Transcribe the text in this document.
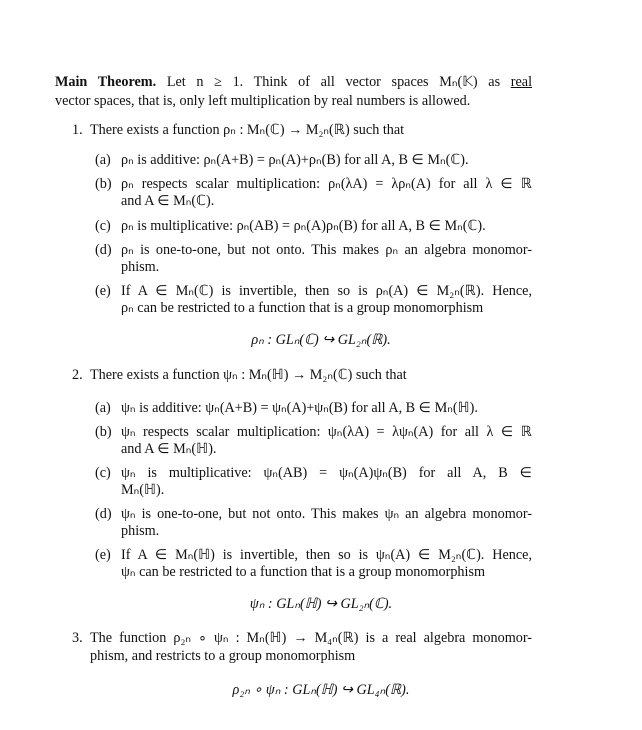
Main Theorem. Let n ≥ 1. Think of all vector spaces Mₙ(𝕂) as real
vector spaces, that is, only left multiplication by real numbers is allowed.
1. There exists a function ρₙ : Mₙ(ℂ) → M₂ₙ(ℝ) such that
(a) ρₙ is additive: ρₙ(A+B) = ρₙ(A)+ρₙ(B) for all A, B ∈ Mₙ(ℂ).
(b) ρₙ respects scalar multiplication: ρₙ(λA) = λρₙ(A) for all λ ∈ ℝ
and A ∈ Mₙ(ℂ).
(c) ρₙ is multiplicative: ρₙ(AB) = ρₙ(A)ρₙ(B) for all A, B ∈ Mₙ(ℂ).
(d) ρₙ is one-to-one, but not onto. This makes ρₙ an algebra monomor-
phism.
(e) If A ∈ Mₙ(ℂ) is invertible, then so is ρₙ(A) ∈ M₂ₙ(ℝ). Hence,
ρₙ can be restricted to a function that is a group monomorphism
ρₙ : GLₙ(ℂ) ↪ GL₂ₙ(ℝ).
2. There exists a function ψₙ : Mₙ(ℍ) → M₂ₙ(ℂ) such that
(a) ψₙ is additive: ψₙ(A+B) = ψₙ(A)+ψₙ(B) for all A, B ∈ Mₙ(ℍ).
(b) ψₙ respects scalar multiplication: ψₙ(λA) = λψₙ(A) for all λ ∈ ℝ
and A ∈ Mₙ(ℍ).
(c) ψₙ is multiplicative: ψₙ(AB) = ψₙ(A)ψₙ(B) for all A, B ∈
Mₙ(ℍ).
(d) ψₙ is one-to-one, but not onto. This makes ψₙ an algebra monomor-
phism.
(e) If A ∈ Mₙ(ℍ) is invertible, then so is ψₙ(A) ∈ M₂ₙ(ℂ). Hence,
ψₙ can be restricted to a function that is a group monomorphism
ψₙ : GLₙ(ℍ) ↪ GL₂ₙ(ℂ).
3. The function ρ₂ₙ ∘ ψₙ : Mₙ(ℍ) → M₄ₙ(ℝ) is a real algebra monomor-
phism, and restricts to a group monomorphism
ρ₂ₙ ∘ ψₙ : GLₙ(ℍ) ↪ GL₄ₙ(ℝ).
